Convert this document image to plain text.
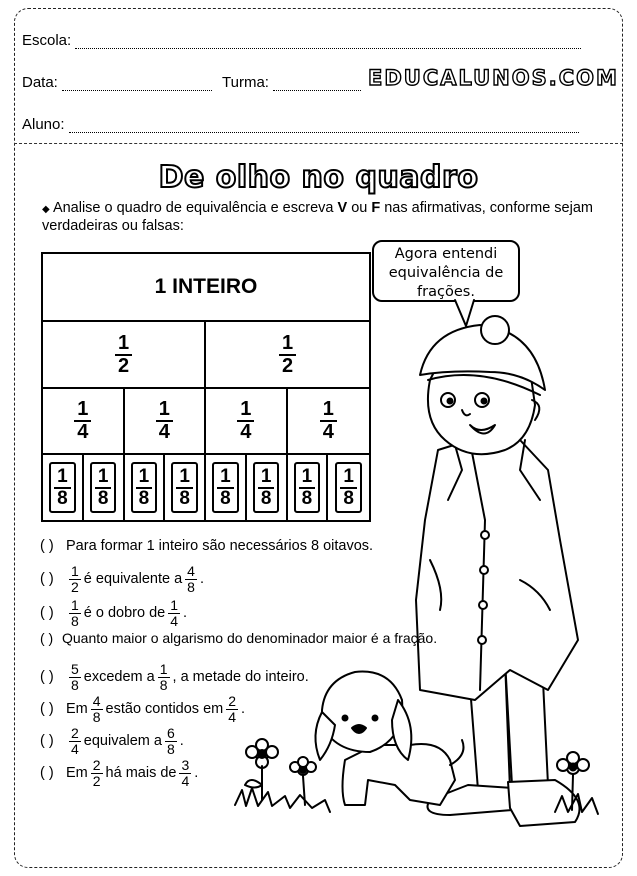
Escola:
Data:	Turma:	EDUCALUNOS.COM
Aluno:
De olho no quadro
◆ Analise o quadro de equivalência e escreva V ou F nas afirmativas, conforme sejam verdadeiras ou falsas:
1 INTEIRO
$\frac{1}{2}$	$\frac{1}{2}$
$\frac{1}{4}$	$\frac{1}{4}$	$\frac{1}{4}$	$\frac{1}{4}$
$\frac{1}{8} \frac{1}{8} \frac{1}{8} \frac{1}{8} \frac{1}{8} \frac{1}{8} \frac{1}{8} \frac{1}{8}$
Agora entendi
equivalência de
frações.
( ) Para formar 1 inteiro são necessários 8 oitavos.
( )	$\frac{1}{2}$ é equivalente a $\frac{4}{8}$ .
( )	$\frac{1}{8}$ é o dobro de $\frac{1}{4}$ .
( ) Quanto maior o algarismo do denominador maior é a fração.
( )	$\frac{5}{8}$ excedem a $\frac{1}{8}$ , a metade do inteiro.
( ) Em $\frac{4}{8}$ estão contidos em $\frac{2}{4}$ .
( )	$\frac{2}{4}$ equivalem a $\frac{6}{8}$ .
( ) Em $\frac{2}{2}$ há mais de $\frac{3}{4}$ .
